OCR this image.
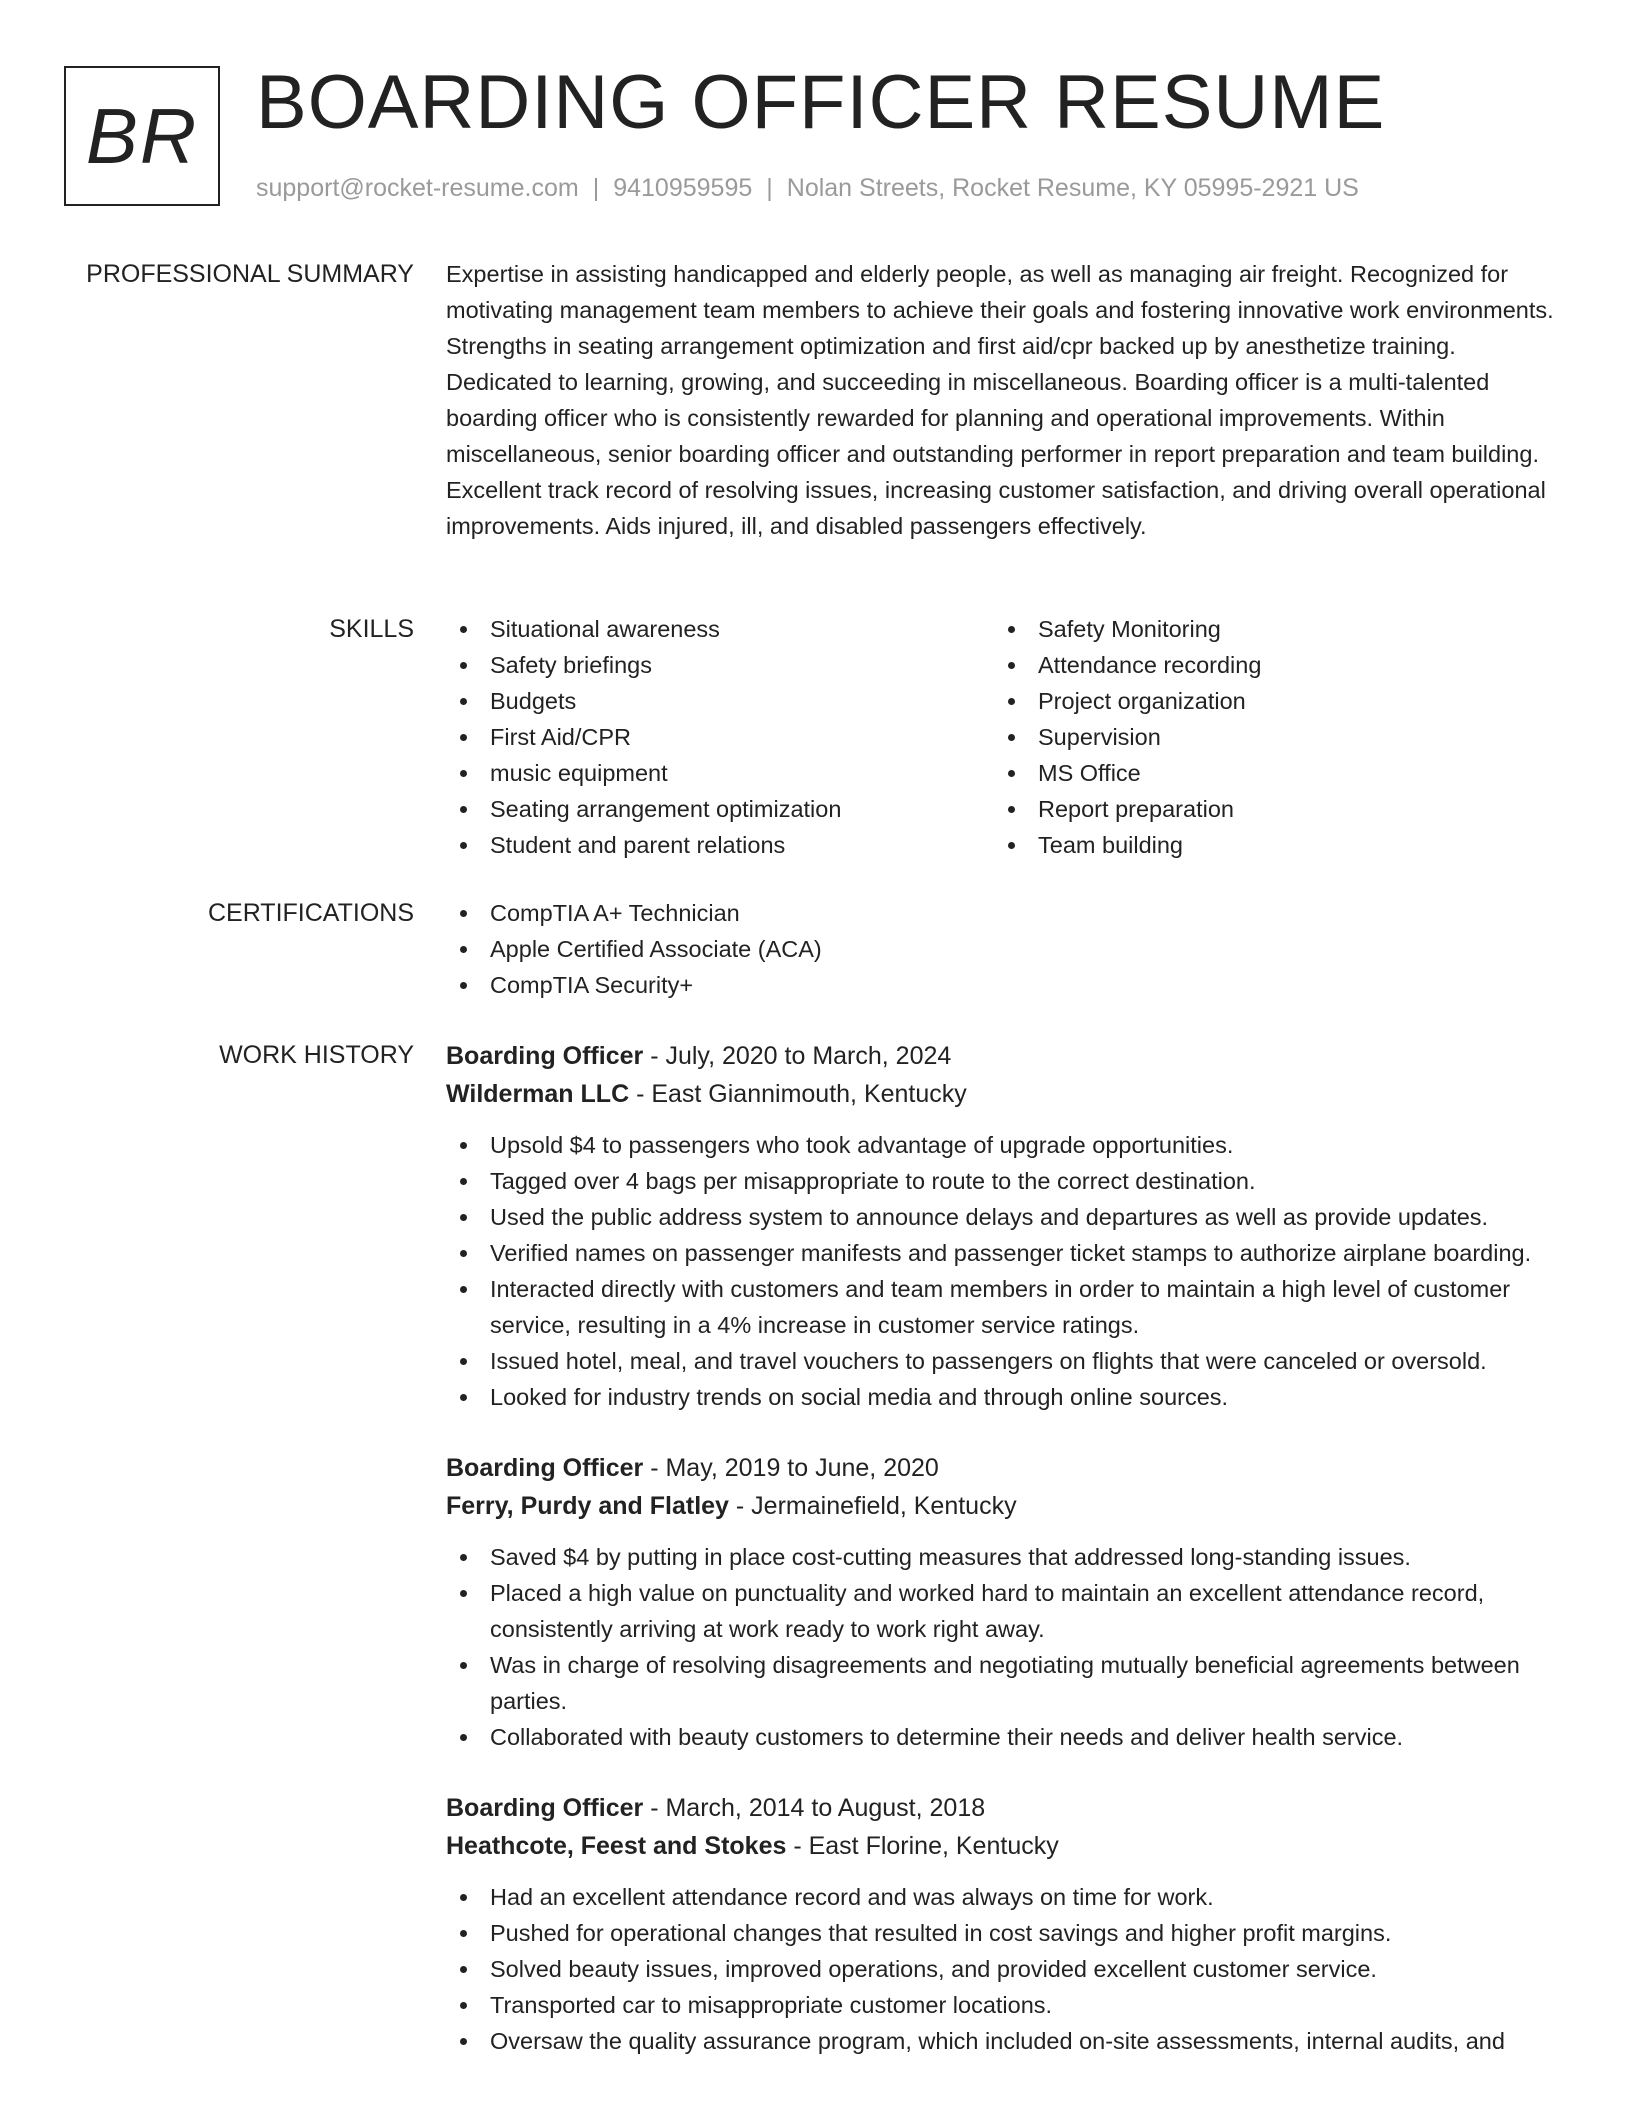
BR BOARDING OFFICER RESUME
support@rocket-resume.com | 9410959595 | Nolan Streets, Rocket Resume, KY 05995-2921 US
PROFESSIONAL SUMMARY Expertise in assisting handicapped and elderly people, as well as managing air freight. Recognized for motivating management team members to achieve their goals and fostering innovative work environments. Strengths in seating arrangement optimization and first aid/cpr backed up by anesthetize training. Dedicated to learning, growing, and succeeding in miscellaneous. Boarding officer is a multi-talented boarding officer who is consistently rewarded for planning and operational improvements. Within miscellaneous, senior boarding officer and outstanding performer in report preparation and team building. Excellent track record of resolving issues, increasing customer satisfaction, and driving overall operational improvements. Aids injured, ill, and disabled passengers effectively.

SKILLS	Situational awareness
Safety briefings
Budgets
First Aid/CPR
music equipment
Seating arrangement optimization
Student and parent relations
Safety Monitoring
Attendance recording
Project organization
Supervision
MS Office
Report preparation
Team building
CERTIFICATIONS	CompTIA A+ Technician
Apple Certified Associate (ACA)
CompTIA Security+
WORK HISTORY Boarding Officer - July, 2020 to March, 2024
Wilderman LLC - East Giannimouth, Kentucky
Upsold $4 to passengers who took advantage of upgrade opportunities.
Tagged over 4 bags per misappropriate to route to the correct destination.
Used the public address system to announce delays and departures as well as provide updates.
Verified names on passenger manifests and passenger ticket stamps to authorize airplane boarding.
Interacted directly with customers and team members in order to maintain a high level of customer service, resulting in a 4% increase in customer service ratings.
Issued hotel, meal, and travel vouchers to passengers on flights that were canceled or oversold.
Looked for industry trends on social media and through online sources.
Boarding Officer - May, 2019 to June, 2020
Ferry, Purdy and Flatley - Jermainefield, Kentucky
Saved $4 by putting in place cost-cutting measures that addressed long-standing issues.
Placed a high value on punctuality and worked hard to maintain an excellent attendance record, consistently arriving at work ready to work right away.
Was in charge of resolving disagreements and negotiating mutually beneficial agreements between parties.
Collaborated with beauty customers to determine their needs and deliver health service.
Boarding Officer - March, 2014 to August, 2018
Heathcote, Feest and Stokes - East Florine, Kentucky
Had an excellent attendance record and was always on time for work.
Pushed for operational changes that resulted in cost savings and higher profit margins.
Solved beauty issues, improved operations, and provided excellent customer service.
Transported car to misappropriate customer locations.
Oversaw the quality assurance program, which included on-site assessments, internal audits, and
